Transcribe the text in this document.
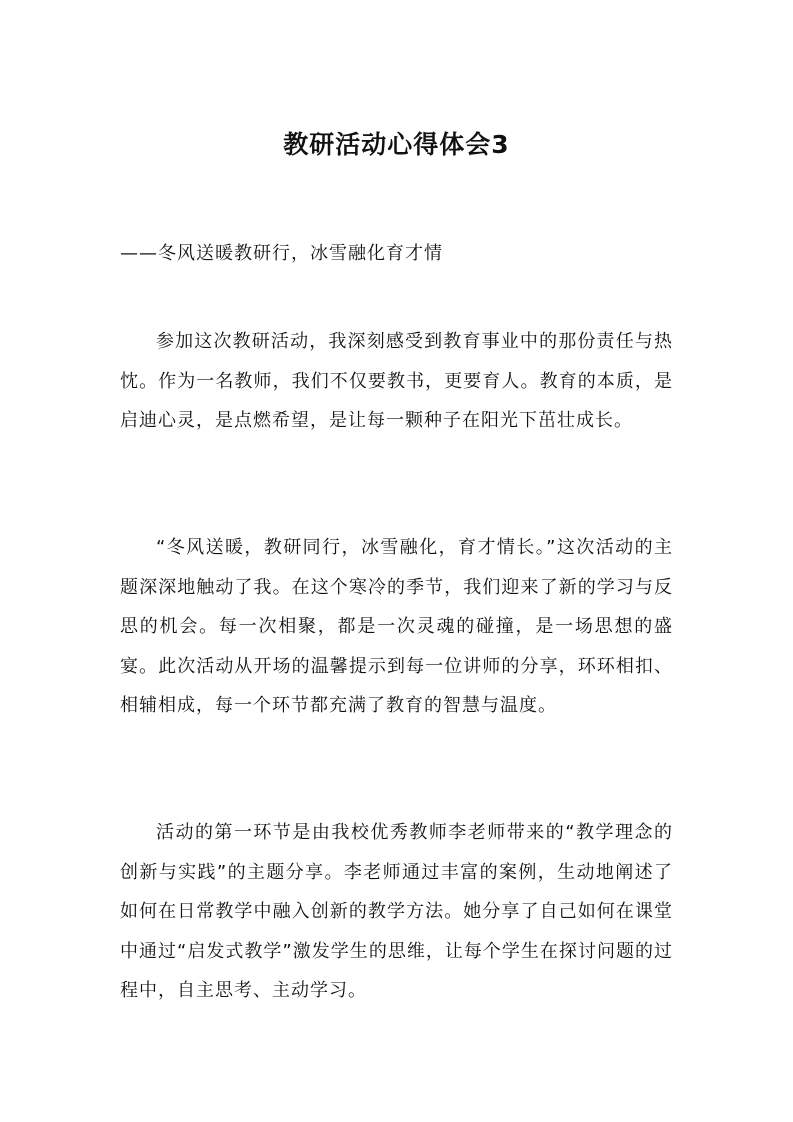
教研活动心得体会3

——冬风送暖教研行，冰雪融化育才情

参加这次教研活动，我深刻感受到教育事业中的那份责任与热忱。作为一名教师，我们不仅要教书，更要育人。教育的本质，是启迪心灵，是点燃希望，是让每一颗种子在阳光下茁壮成长。

“冬风送暖，教研同行，冰雪融化，育才情长。”这次活动的主题深深地触动了我。在这个寒冷的季节，我们迎来了新的学习与反思的机会。每一次相聚，都是一次灵魂的碰撞，是一场思想的盛宴。此次活动从开场的温馨提示到每一位讲师的分享，环环相扣、相辅相成，每一个环节都充满了教育的智慧与温度。

活动的第一环节是由我校优秀教师李老师带来的“教学理念的创新与实践”的主题分享。李老师通过丰富的案例，生动地阐述了如何在日常教学中融入创新的教学方法。她分享了自己如何在课堂中通过“启发式教学”激发学生的思维，让每个学生在探讨问题的过程中，自主思考、主动学习。
